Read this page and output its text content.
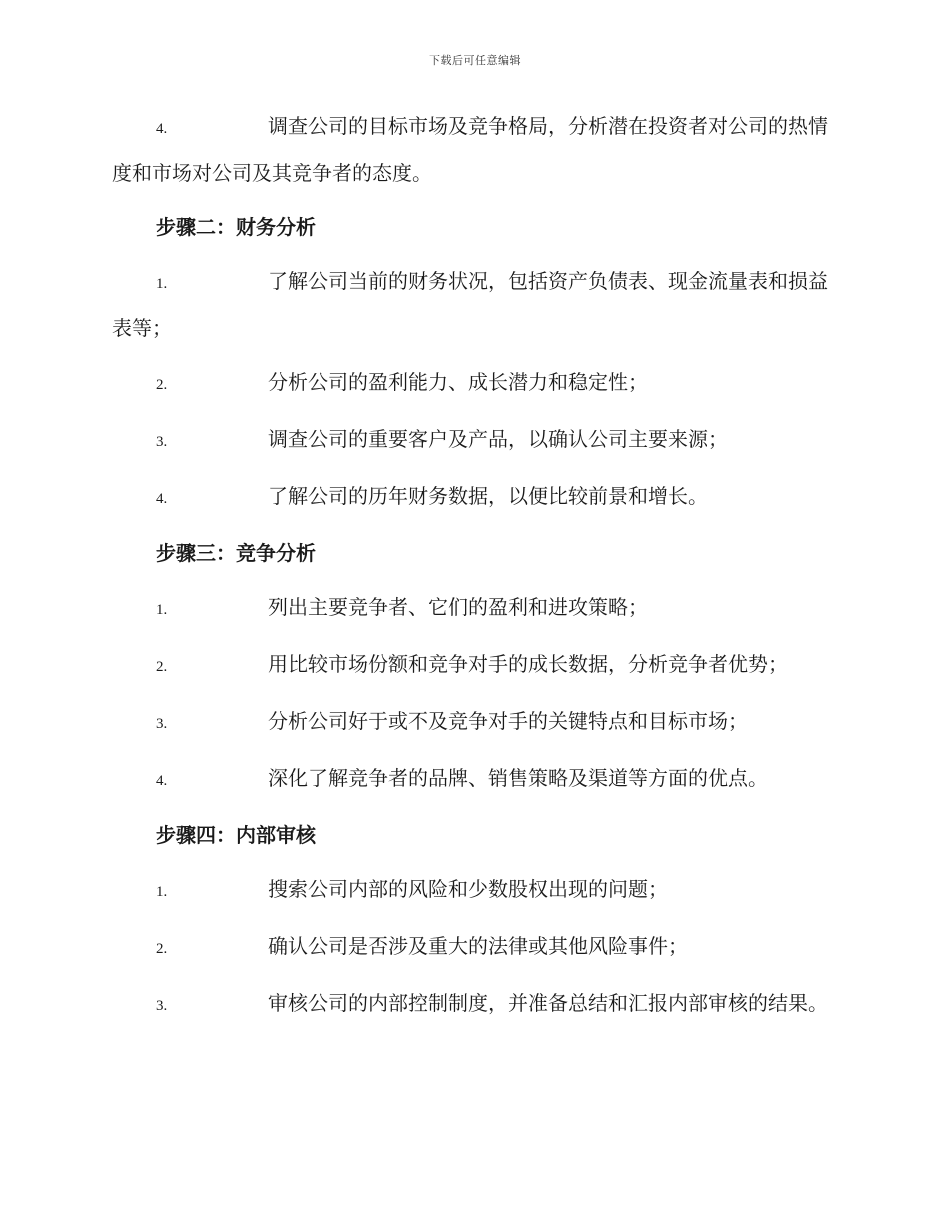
下载后可任意编辑
4.	调查公司的目标市场及竞争格局，分析潜在投资者对公司的热情度和市场对公司及其竞争者的态度。
步骤二：财务分析
1.	了解公司当前的财务状况，包括资产负债表、现金流量表和损益表等；
2.	分析公司的盈利能力、成长潜力和稳定性；
3.	调查公司的重要客户及产品，以确认公司主要来源；
4.	了解公司的历年财务数据，以便比较前景和增长。
步骤三：竞争分析
1.	列出主要竞争者、它们的盈利和进攻策略；
2.	用比较市场份额和竞争对手的成长数据，分析竞争者优势；
3.	分析公司好于或不及竞争对手的关键特点和目标市场；
4.	深化了解竞争者的品牌、销售策略及渠道等方面的优点。
步骤四：内部审核
1.	搜索公司内部的风险和少数股权出现的问题；
2.	确认公司是否涉及重大的法律或其他风险事件；
3.	审核公司的内部控制制度，并准备总结和汇报内部审核的结果。
